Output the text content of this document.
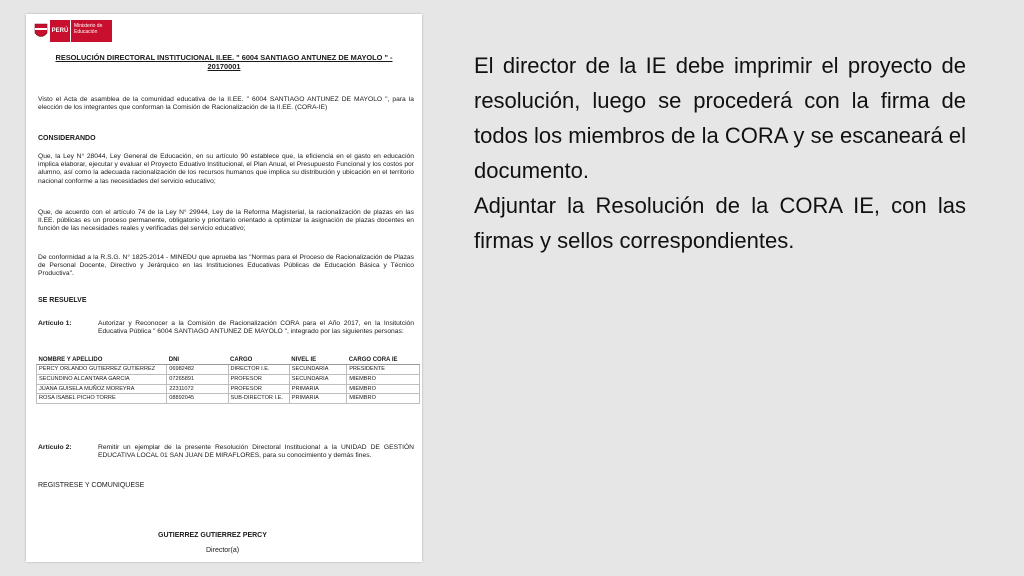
PERÚ
Ministerio de Educación
RESOLUCIÓN DIRECTORAL INSTITUCIONAL II.EE. " 6004 SANTIAGO ANTUNEZ DE MAYOLO " - 20170001
Visto el Acta de asamblea de la comunidad educativa de la II.EE. " 6004 SANTIAGO ANTUNEZ DE MAYOLO ", para la elección de los integrantes que conforman la Comisión de Racionalización de la II.EE. (CORA-IE)
CONSIDERANDO
Que, la Ley N° 28044, Ley General de Educación, en su artículo 90 establece que, la eficiencia en el gasto en educación implica elaborar, ejecutar y evaluar el Proyecto Eduativo Institucional, el Plan Anual, el Presupuesto Funcional y los costos por alumno, así como la adecuada racionalización de los recursos humanos que implica su distribución y ubicación en el territorio nacional conforme a las necesidades del servicio educativo;
Que, de acuerdo con el artículo 74 de la Ley N° 29944, Ley de la Reforma Magisterial, la racionalización de plazas en las II.EE. públicas es un proceso permanente, obligatorio y prioritario orientado a optimizar la asignación de plazas docentes en función de las necesidades reales y verificadas del servicio educativo;
De conformidad a la R.S.G. N° 1825-2014 - MINEDU que aprueba las "Normas para el Proceso de Racionalización de Plazas de Personal Docente, Directivo y Jerárquico en las Instituciones Educativas Públicas de Educación Básica y Técnico Productiva".
SE RESUELVE
Artículo 1:	Autorizar y Reconocer a la Comisión de Racionalización CORA para el Año 2017, en la Insitutción Educativa Pública " 6004 SANTIAGO ANTUNEZ DE MAYOLO ", integrado por las siguientes personas:
NOMBRE Y APELLIDO	DNI	CARGO	NIVEL IE	CARGO CORA IE
PERCY ORLANDO GUTIERREZ GUTIERREZ	06982482	DIRECTOR I.E.	SECUNDARIA	PRESIDENTE
SECUNDINO ALCANTARA GARCIA	07265891	PROFESOR	SECUNDARIA	MIEMBRO
JUANA GUISELA MUÑOZ MOREYRA	22311072	PROFESOR	PRIMARIA	MIEMBRO
ROSA ISABEL PICHO TORRE	08892045	SUB-DIRECTOR I.E.	PRIMARIA	MIEMBRO
Artículo 2:	Remitir un ejemplar de la presente Resolución Directoral Institucional a la UNIDAD DE GESTIÓN EDUCATIVA LOCAL 01 SAN JUAN DE MIRAFLORES, para su conocimiento y demás fines.
REGISTRESE Y COMUNIQUESE
GUTIERREZ GUTIERREZ PERCY
Director(a)

El director de la IE debe imprimir el proyecto de resolución, luego se procederá con la firma de todos los miembros de la CORA y se escaneará el documento.

Adjuntar la Resolución de la CORA IE, con las firmas y sellos correspondientes.
